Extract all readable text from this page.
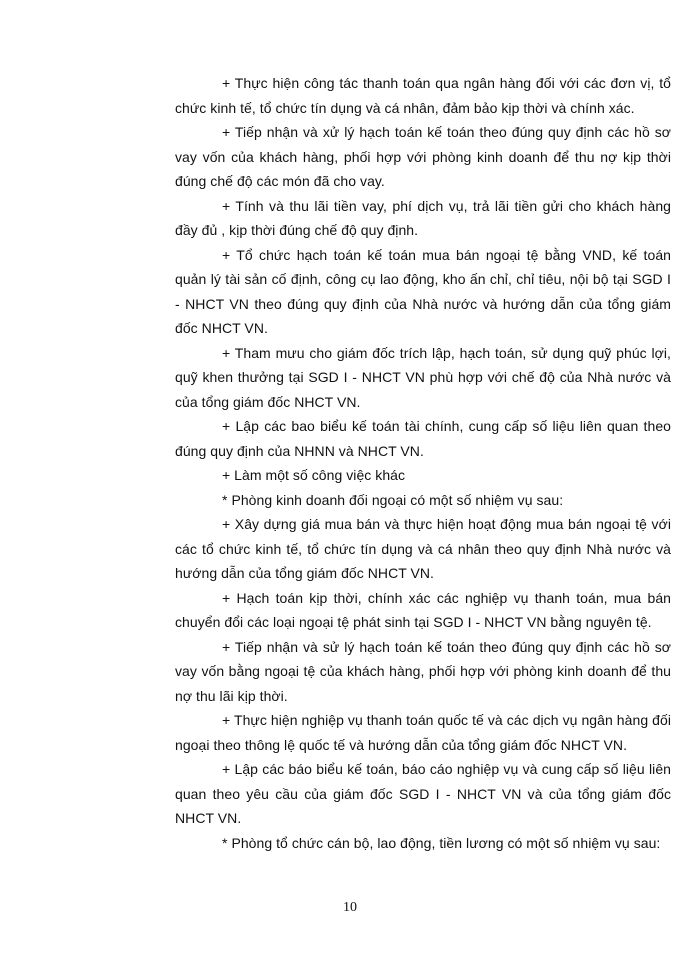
+ Thực hiện công tác thanh toán qua ngân hàng đối với các đơn vị, tổ chức kinh tế, tổ chức tín dụng và cá nhân, đảm bảo kịp thời và chính xác.

+ Tiếp nhận và xử lý hạch toán kế toán theo đúng quy định các hồ sơ vay vốn của khách hàng, phối hợp với phòng kinh doanh để thu nợ kịp thời đúng chế độ các món đã cho vay.

+ Tính và thu lãi tiền vay, phí dịch vụ, trả lãi tiền gửi cho khách hàng đầy đủ , kịp thời đúng chế độ quy định.

+ Tổ chức hạch toán kế toán mua bán ngoại tệ bằng VND, kế toán quản lý tài sản cố định, công cụ lao động, kho ấn chỉ, chỉ tiêu, nội bộ tại SGD I - NHCT VN theo đúng quy định của Nhà nước và hướng dẫn của tổng giám đốc NHCT VN.

+ Tham mưu cho giám đốc trích lập, hạch toán, sử dụng quỹ phúc lợi, quỹ khen thưởng tại SGD I - NHCT VN phù hợp với chế độ của Nhà nước và của tổng giám đốc NHCT VN.

+ Lập các bao biểu kế toán tài chính, cung cấp số liệu liên quan theo đúng quy định của NHNN và NHCT VN.

+ Làm một số công việc khác

* Phòng kinh doanh đối ngoại có một số nhiệm vụ sau:

+ Xây dựng giá mua bán và thực hiện hoạt động mua bán ngoại tệ với các tổ chức kinh tế, tổ chức tín dụng và cá nhân theo quy định Nhà nước và hướng dẫn của tổng giám đốc NHCT VN.

+ Hạch toán kịp thời, chính xác các nghiệp vụ thanh toán, mua bán chuyển đổi các loại ngoại tệ phát sinh tại SGD I - NHCT VN bằng nguyên tệ.

+ Tiếp nhận và sử lý hạch toán kế toán theo đúng quy định các hồ sơ vay vốn bằng ngoại tệ của khách hàng, phối hợp với phòng kinh doanh để thu nợ thu lãi kịp thời.

+ Thực hiện nghiệp vụ thanh toán quốc tế và các dịch vụ ngân hàng đối ngoại theo thông lệ quốc tế và hướng dẫn của tổng giám đốc NHCT VN.

+ Lập các báo biểu kế toán, báo cáo nghiệp vụ và cung cấp số liệu liên quan theo yêu cầu của giám đốc SGD I - NHCT VN và của tổng giám đốc NHCT VN.

* Phòng tổ chức cán bộ, lao động, tiền lương có một số nhiệm vụ sau:

10
